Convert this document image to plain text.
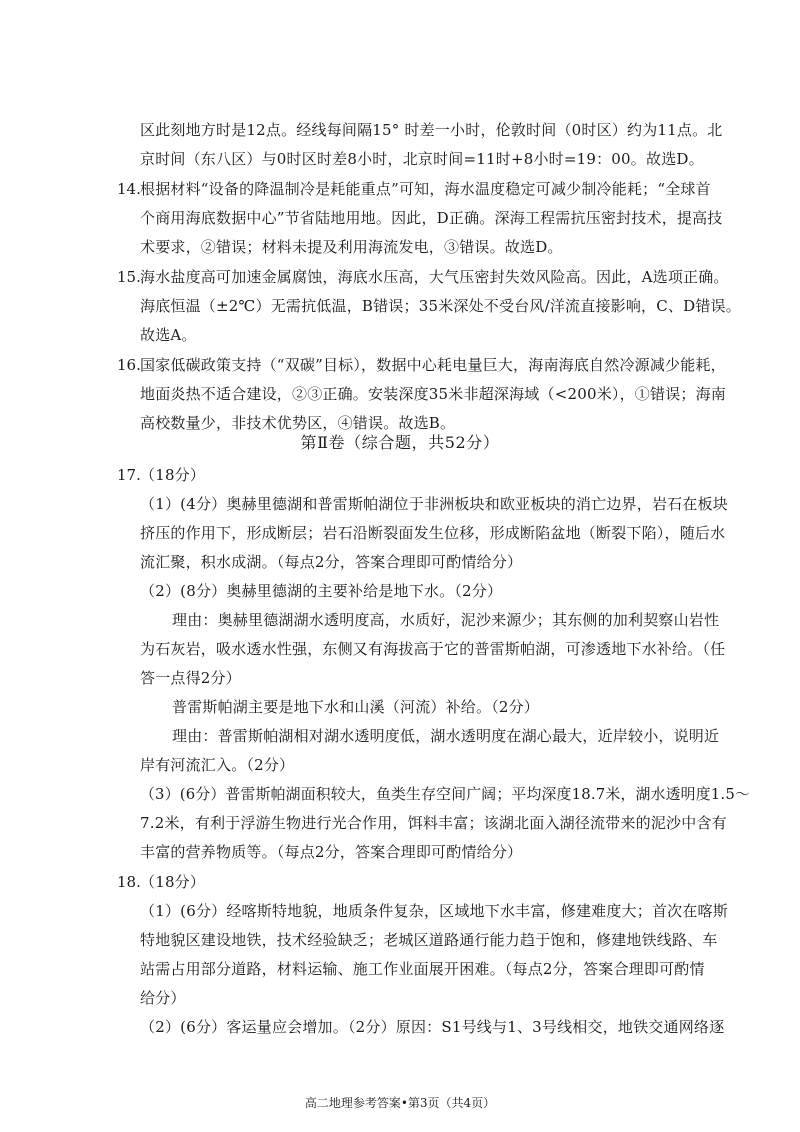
区此刻地方时是12点。经线每间隔15° 时差一小时，伦敦时间（0时区）约为11点。北
京时间（东八区）与0时区时差8小时，北京时间=11时+8小时=19：00。故选D。
14. 根据材料“设备的降温制冷是耗能重点”可知，海水温度稳定可减少制冷能耗；“全球首
个商用海底数据中心”节省陆地用地。因此，D正确。深海工程需抗压密封技术，提高技
术要求，②错误；材料未提及利用海流发电，③错误。故选D。
15. 海水盐度高可加速金属腐蚀，海底水压高，大气压密封失效风险高。因此，A选项正确。
海底恒温（±2℃）无需抗低温，B错误；35米深处不受台风/洋流直接影响，C、D错误。
故选A。
16. 国家低碳政策支持（“双碳”目标），数据中心耗电量巨大，海南海底自然冷源减少能耗，
地面炎热不适合建设，②③正确。安装深度35米非超深海域（<200米），①错误；海南
高校数量少，非技术优势区，④错误。故选B。
第Ⅱ卷（综合题，共52分）
17. （18分）
（1）(4分）奥赫里德湖和普雷斯帕湖位于非洲板块和欧亚板块的消亡边界，岩石在板块
挤压的作用下，形成断层；岩石沿断裂面发生位移，形成断陷盆地（断裂下陷），随后水
流汇聚，积水成湖。（每点2分，答案合理即可酌情给分）
（2）(8分）奥赫里德湖的主要补给是地下水。（2分）
理由：奥赫里德湖湖水透明度高，水质好，泥沙来源少；其东侧的加利契察山岩性
为石灰岩，吸水透水性强，东侧又有海拔高于它的普雷斯帕湖，可渗透地下水补给。（任
答一点得2分）
普雷斯帕湖主要是地下水和山溪（河流）补给。（2分）
理由：普雷斯帕湖相对湖水透明度低，湖水透明度在湖心最大，近岸较小，说明近
岸有河流汇入。（2分）
（3）(6分）普雷斯帕湖面积较大，鱼类生存空间广阔；平均深度18.7米，湖水透明度1.5～
7.2米，有利于浮游生物进行光合作用，饵料丰富；该湖北面入湖径流带来的泥沙中含有
丰富的营养物质等。（每点2分，答案合理即可酌情给分）
18. （18分）
（1）(6分）经喀斯特地貌，地质条件复杂，区域地下水丰富，修建难度大；首次在喀斯
特地貌区建设地铁，技术经验缺乏；老城区道路通行能力趋于饱和，修建地铁线路、车
站需占用部分道路，材料运输、施工作业面展开困难。（每点2分，答案合理即可酌情
给分）
（2）(6分）客运量应会增加。（2分）原因：S1号线与1、3号线相交，地铁交通网络逐
高二地理参考答案•第3页（共4页）
